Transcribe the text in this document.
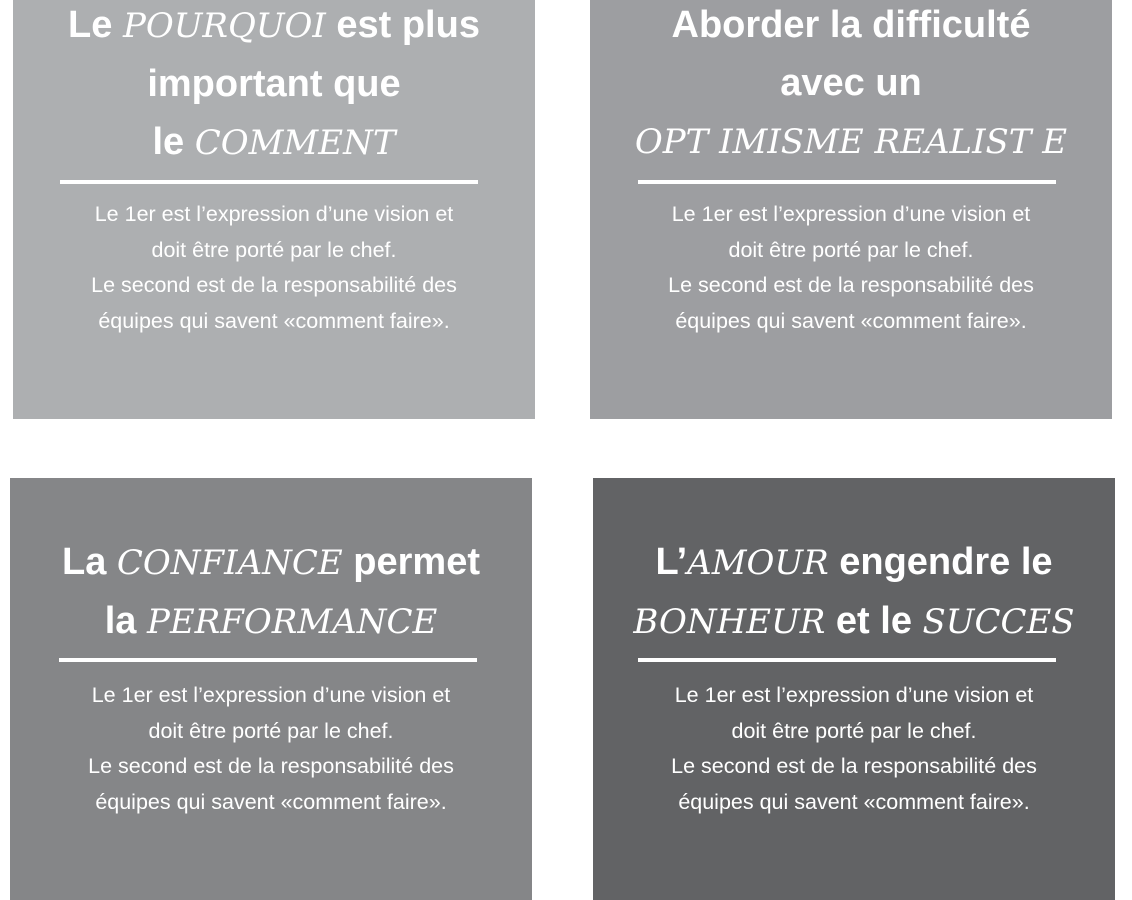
Le POURQUOI est plus
important que
le COMMENT
Le 1er est l’expression d’une vision et
doit être porté par le chef.
Le second est de la responsabilité des
équipes qui savent «comment faire».
Aborder la difficulté
avec un
OPT IMISME REALIST E
Le 1er est l’expression d’une vision et
doit être porté par le chef.
Le second est de la responsabilité des
équipes qui savent «comment faire».
La CONFIANCE permet
la PERFORMANCE
Le 1er est l’expression d’une vision et
doit être porté par le chef.
Le second est de la responsabilité des
équipes qui savent «comment faire».
L’AMOUR engendre le
BONHEUR et le SUCCES
Le 1er est l’expression d’une vision et
doit être porté par le chef.
Le second est de la responsabilité des
équipes qui savent «comment faire».
